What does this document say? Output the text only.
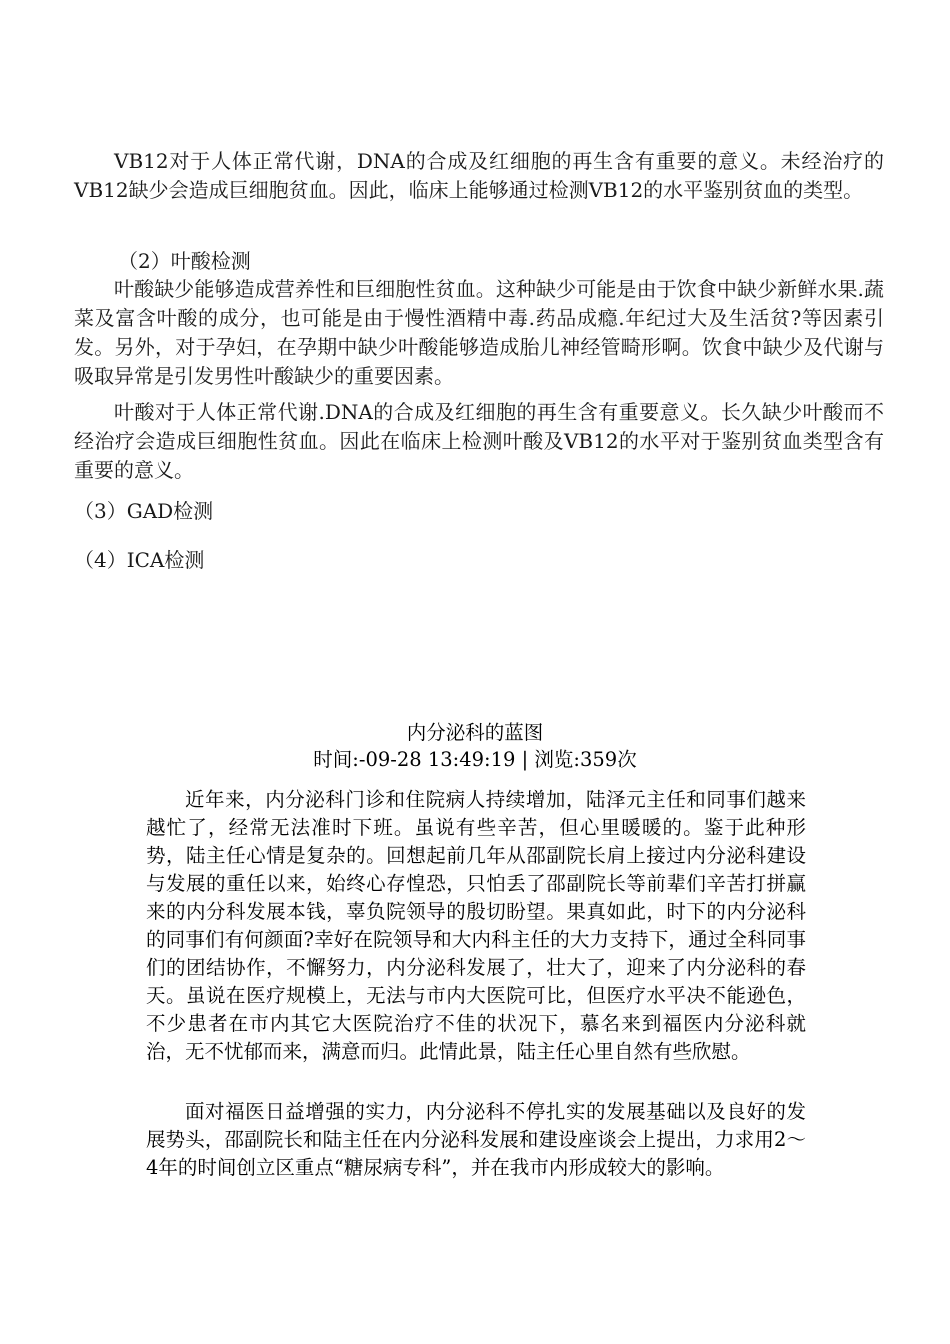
VB12对于人体正常代谢，DNA的合成及红细胞的再生含有重要的意义。未经治疗的VB12缺少会造成巨细胞贫血。因此，临床上能够通过检测VB12的水平鉴别贫血的类型。

（2）叶酸检测

叶酸缺少能够造成营养性和巨细胞性贫血。这种缺少可能是由于饮食中缺少新鲜水果.蔬菜及富含叶酸的成分，也可能是由于慢性酒精中毒.药品成瘾.年纪过大及生活贫?等因素引发。另外，对于孕妇，在孕期中缺少叶酸能够造成胎儿神经管畸形啊。饮食中缺少及代谢与吸取异常是引发男性叶酸缺少的重要因素。

叶酸对于人体正常代谢.DNA的合成及红细胞的再生含有重要意义。长久缺少叶酸而不经治疗会造成巨细胞性贫血。因此在临床上检测叶酸及VB12的水平对于鉴别贫血类型含有重要的意义。

（3）GAD检测
（4）ICA检测
内分泌科的蓝图
时间:-09-28 13:49:19 | 浏览:359次

近年来，内分泌科门诊和住院病人持续增加，陆泽元主任和同事们越来越忙了，经常无法准时下班。虽说有些辛苦，但心里暖暖的。鉴于此种形势，陆主任心情是复杂的。回想起前几年从邵副院长肩上接过内分泌科建设与发展的重任以来，始终心存惶恐，只怕丢了邵副院长等前辈们辛苦打拼赢来的内分科发展本钱，辜负院领导的殷切盼望。果真如此，时下的内分泌科的同事们有何颜面?幸好在院领导和大内科主任的大力支持下，通过全科同事们的团结协作，不懈努力，内分泌科发展了，壮大了，迎来了内分泌科的春天。虽说在医疗规模上，无法与市内大医院可比，但医疗水平决不能逊色，不少患者在市内其它大医院治疗不佳的状况下，慕名来到福医内分泌科就治，无不忧郁而来，满意而归。此情此景，陆主任心里自然有些欣慰。

面对福医日益增强的实力，内分泌科不停扎实的发展基础以及良好的发展势头，邵副院长和陆主任在内分泌科发展和建设座谈会上提出，力求用2～4年的时间创立区重点“糖尿病专科”，并在我市内形成较大的影响。
